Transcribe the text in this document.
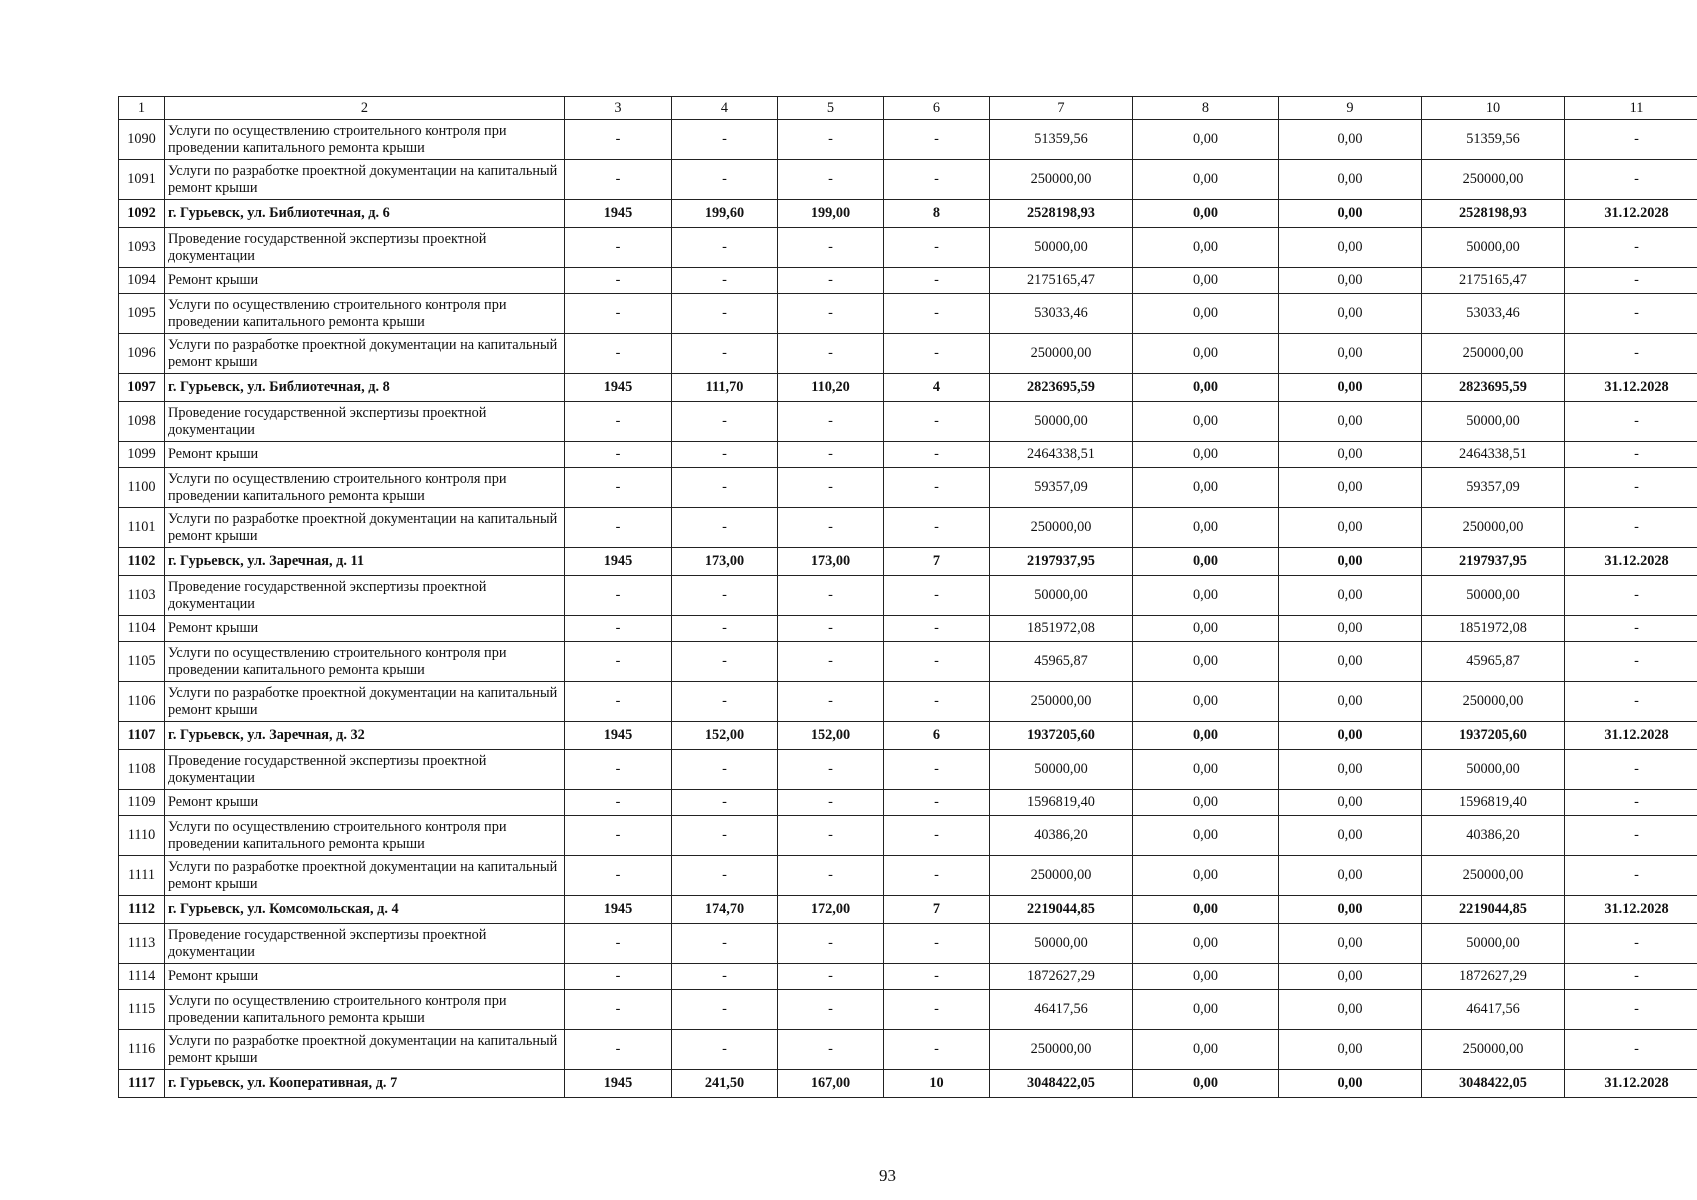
1	2	3	4	5	6	7	8	9	10	11
1090	Услуги по осуществлению строительного контроля при проведении капитального ремонта крыши	-	-	-	-	51359,56	0,00	0,00	51359,56	-
1091	Услуги по разработке проектной документации на капитальный ремонт крыши	-	-	-	-	250000,00	0,00	0,00	250000,00	-
1092	г. Гурьевск, ул. Библиотечная, д. 6	1945	199,60	199,00	8	2528198,93	0,00	0,00	2528198,93	31.12.2028
1093	Проведение государственной экспертизы проектной документации	-	-	-	-	50000,00	0,00	0,00	50000,00	-
1094	Ремонт крыши	-	-	-	-	2175165,47	0,00	0,00	2175165,47	-
1095	Услуги по осуществлению строительного контроля при проведении капитального ремонта крыши	-	-	-	-	53033,46	0,00	0,00	53033,46	-
1096	Услуги по разработке проектной документации на капитальный ремонт крыши	-	-	-	-	250000,00	0,00	0,00	250000,00	-
1097	г. Гурьевск, ул. Библиотечная, д. 8	1945	111,70	110,20	4	2823695,59	0,00	0,00	2823695,59	31.12.2028
1098	Проведение государственной экспертизы проектной документации	-	-	-	-	50000,00	0,00	0,00	50000,00	-
1099	Ремонт крыши	-	-	-	-	2464338,51	0,00	0,00	2464338,51	-
1100	Услуги по осуществлению строительного контроля при проведении капитального ремонта крыши	-	-	-	-	59357,09	0,00	0,00	59357,09	-
1101	Услуги по разработке проектной документации на капитальный ремонт крыши	-	-	-	-	250000,00	0,00	0,00	250000,00	-
1102	г. Гурьевск, ул. Заречная, д. 11	1945	173,00	173,00	7	2197937,95	0,00	0,00	2197937,95	31.12.2028
1103	Проведение государственной экспертизы проектной документации	-	-	-	-	50000,00	0,00	0,00	50000,00	-
1104	Ремонт крыши	-	-	-	-	1851972,08	0,00	0,00	1851972,08	-
1105	Услуги по осуществлению строительного контроля при проведении капитального ремонта крыши	-	-	-	-	45965,87	0,00	0,00	45965,87	-
1106	Услуги по разработке проектной документации на капитальный ремонт крыши	-	-	-	-	250000,00	0,00	0,00	250000,00	-
1107	г. Гурьевск, ул. Заречная, д. 32	1945	152,00	152,00	6	1937205,60	0,00	0,00	1937205,60	31.12.2028
1108	Проведение государственной экспертизы проектной документации	-	-	-	-	50000,00	0,00	0,00	50000,00	-
1109	Ремонт крыши	-	-	-	-	1596819,40	0,00	0,00	1596819,40	-
1110	Услуги по осуществлению строительного контроля при проведении капитального ремонта крыши	-	-	-	-	40386,20	0,00	0,00	40386,20	-
1111	Услуги по разработке проектной документации на капитальный ремонт крыши	-	-	-	-	250000,00	0,00	0,00	250000,00	-
1112	г. Гурьевск, ул. Комсомольская, д. 4	1945	174,70	172,00	7	2219044,85	0,00	0,00	2219044,85	31.12.2028
1113	Проведение государственной экспертизы проектной документации	-	-	-	-	50000,00	0,00	0,00	50000,00	-
1114	Ремонт крыши	-	-	-	-	1872627,29	0,00	0,00	1872627,29	-
1115	Услуги по осуществлению строительного контроля при проведении капитального ремонта крыши	-	-	-	-	46417,56	0,00	0,00	46417,56	-
1116	Услуги по разработке проектной документации на капитальный ремонт крыши	-	-	-	-	250000,00	0,00	0,00	250000,00	-
1117	г. Гурьевск, ул. Кооперативная, д. 7	1945	241,50	167,00	10	3048422,05	0,00	0,00	3048422,05	31.12.2028
93
